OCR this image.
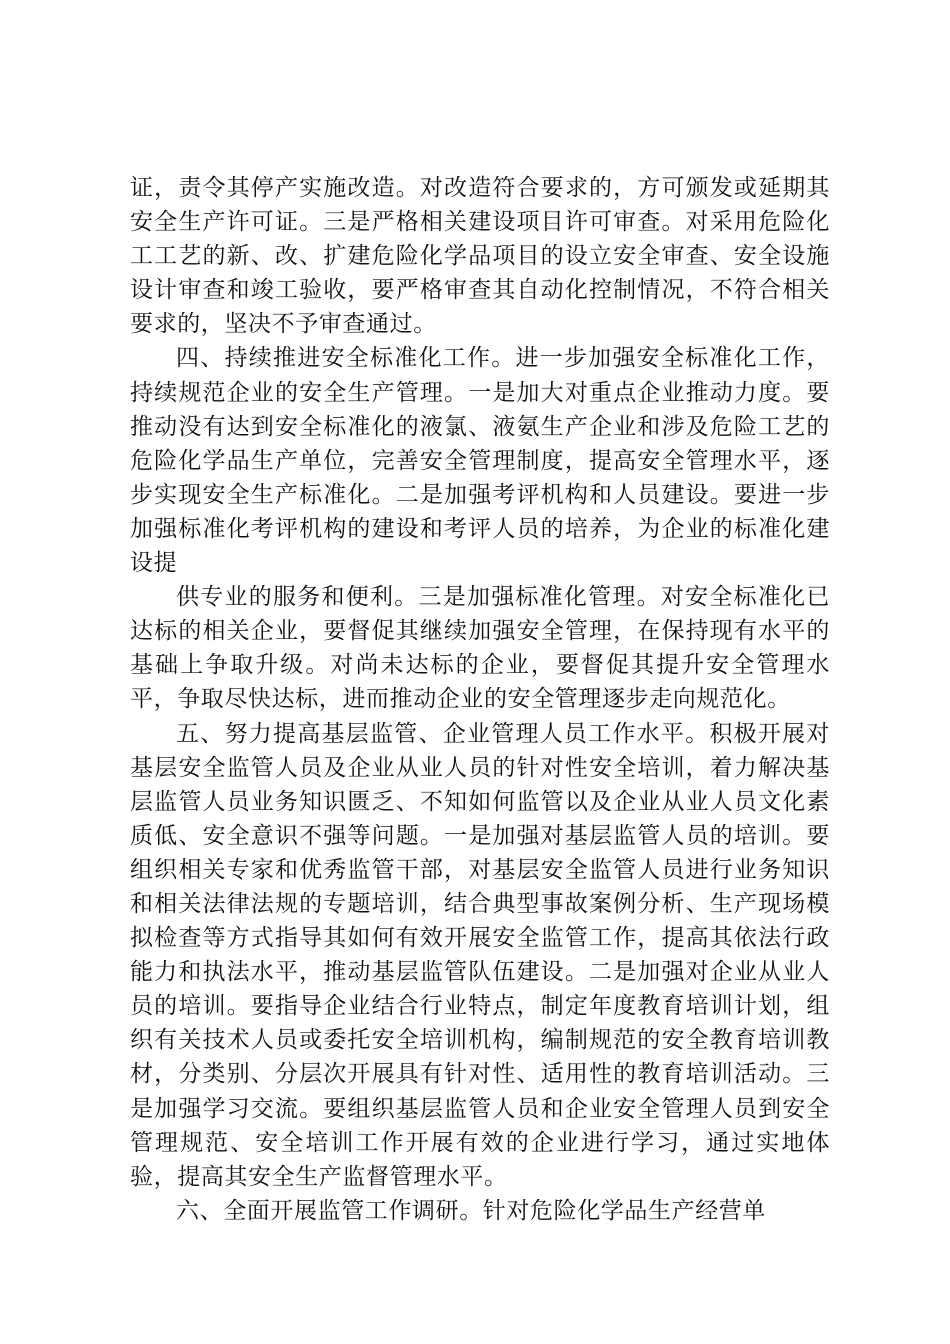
证，责令其停产实施改造。对改造符合要求的，方可颁发或延期其安全生产许可证。三是严格相关建设项目许可审查。对采用危险化工工艺的新、改、扩建危险化学品项目的设立安全审查、安全设施设计审查和竣工验收，要严格审查其自动化控制情况，不符合相关要求的，坚决不予审查通过。

四、持续推进安全标准化工作。进一步加强安全标准化工作，持续规范企业的安全生产管理。一是加大对重点企业推动力度。要推动没有达到安全标准化的液氯、液氨生产企业和涉及危险工艺的危险化学品生产单位，完善安全管理制度，提高安全管理水平，逐步实现安全生产标准化。二是加强考评机构和人员建设。要进一步加强标准化考评机构的建设和考评人员的培养，为企业的标准化建设提

供专业的服务和便利。三是加强标准化管理。对安全标准化已达标的相关企业，要督促其继续加强安全管理，在保持现有水平的基础上争取升级。对尚未达标的企业，要督促其提升安全管理水平，争取尽快达标，进而推动企业的安全管理逐步走向规范化。

五、努力提高基层监管、企业管理人员工作水平。积极开展对基层安全监管人员及企业从业人员的针对性安全培训，着力解决基层监管人员业务知识匮乏、不知如何监管以及企业从业人员文化素质低、安全意识不强等问题。一是加强对基层监管人员的培训。要组织相关专家和优秀监管干部，对基层安全监管人员进行业务知识和相关法律法规的专题培训，结合典型事故案例分析、生产现场模拟检查等方式指导其如何有效开展安全监管工作，提高其依法行政能力和执法水平，推动基层监管队伍建设。二是加强对企业从业人员的培训。要指导企业结合行业特点，制定年度教育培训计划，组织有关技术人员或委托安全培训机构，编制规范的安全教育培训教材，分类别、分层次开展具有针对性、适用性的教育培训活动。三是加强学习交流。要组织基层监管人员和企业安全管理人员到安全管理规范、安全培训工作开展有效的企业进行学习，通过实地体验，提高其安全生产监督管理水平。

六、全面开展监管工作调研。针对危险化学品生产经营单
